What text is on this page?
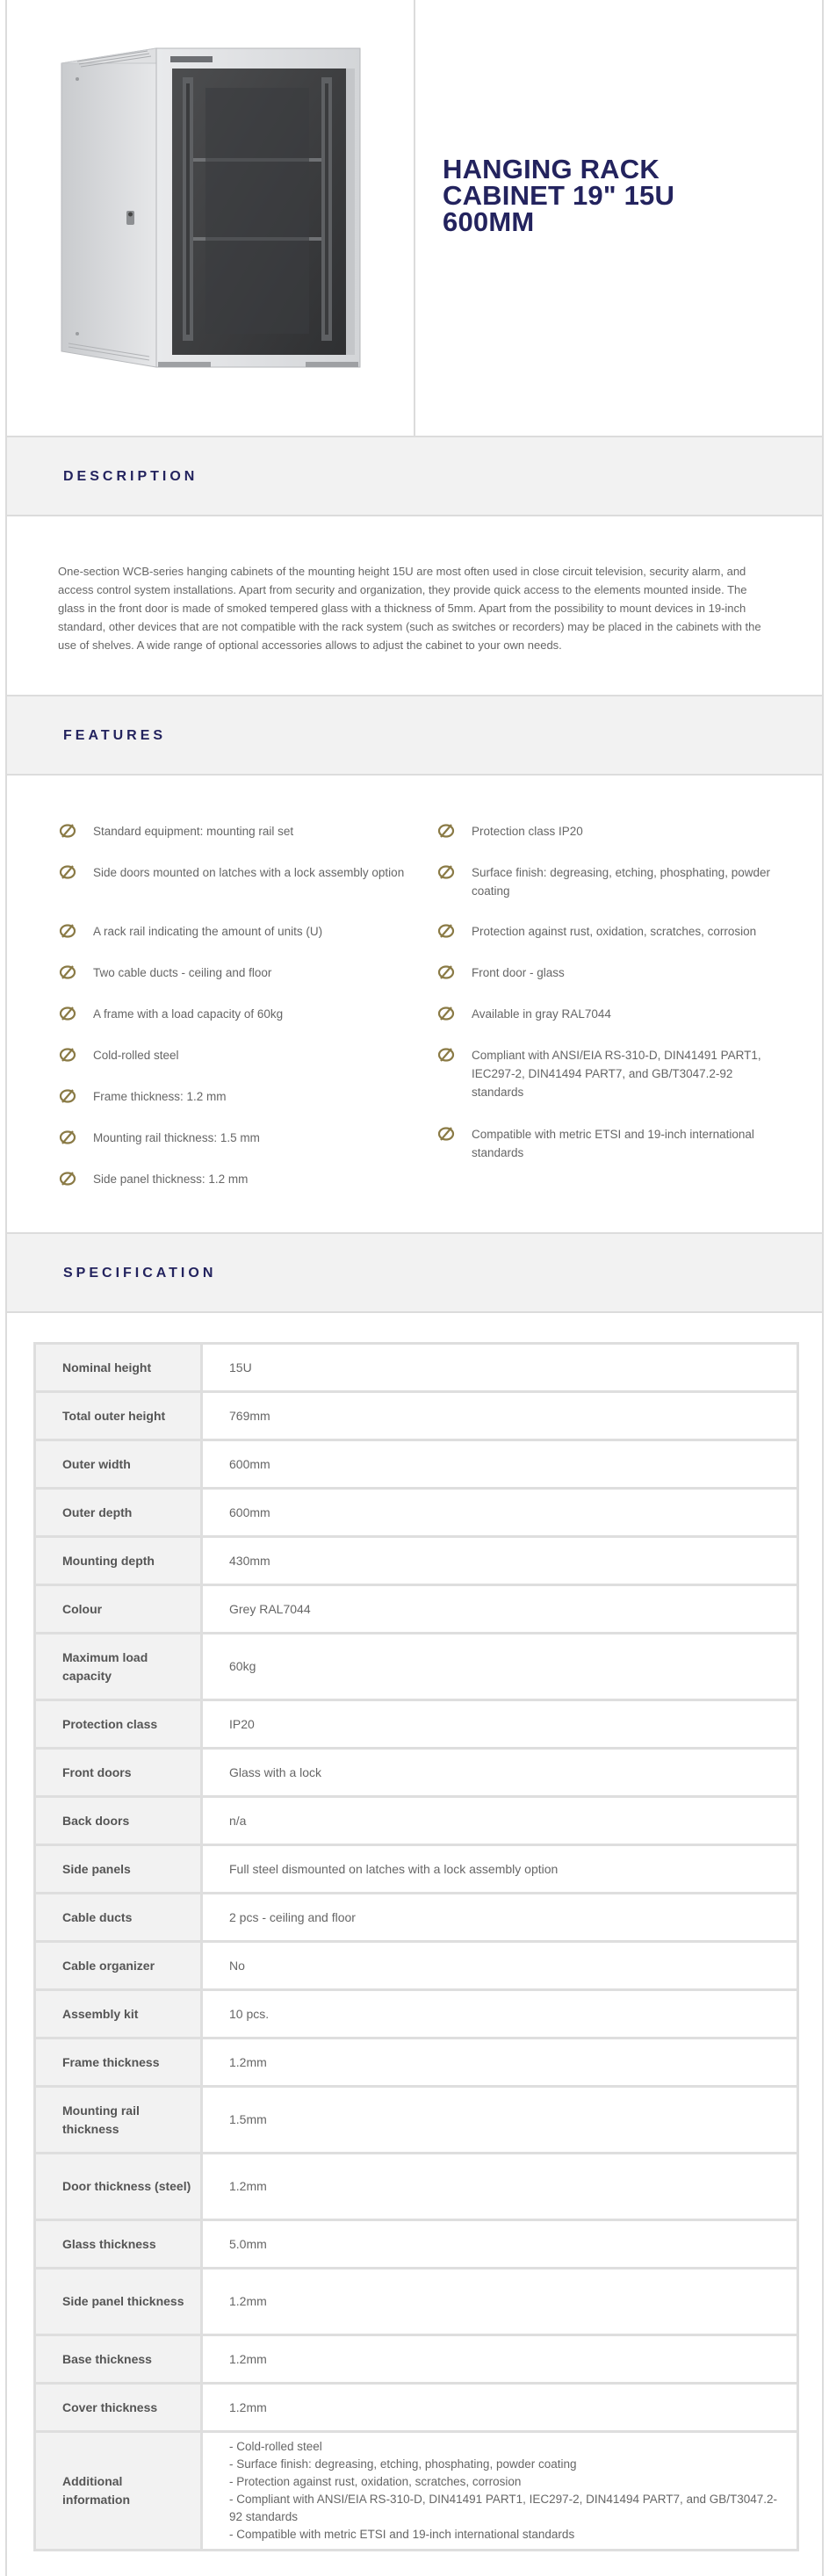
HANGING RACK CABINET 19" 15U 600MM
DESCRIPTION
One-section WCB-series hanging cabinets of the mounting height 15U are most often used in close circuit television, security alarm, and access control system installations. Apart from security and organization, they provide quick access to the elements mounted inside. The glass in the front door is made of smoked tempered glass with a thickness of 5mm. Apart from the possibility to mount devices in 19-inch standard, other devices that are not compatible with the rack system (such as switches or recorders) may be placed in the cabinets with the use of shelves. A wide range of optional accessories allows to adjust the cabinet to your own needs.
FEATURES
Standard equipment: mounting rail set
Side doors mounted on latches with a lock assembly option
A rack rail indicating the amount of units (U)
Two cable ducts - ceiling and floor
A frame with a load capacity of 60kg
Cold-rolled steel
Frame thickness: 1.2 mm
Mounting rail thickness: 1.5 mm
Side panel thickness: 1.2 mm
Protection class IP20
Surface finish: degreasing, etching, phosphating, powder coating
Protection against rust, oxidation, scratches, corrosion
Front door - glass
Available in gray RAL7044
Compliant with ANSI/EIA RS-310-D, DIN41491 PART1, IEC297-2, DIN41494 PART7, and GB/T3047.2-92 standards
Compatible with metric ETSI and 19-inch international standards
SPECIFICATION
Nominal height	15U
Total outer height	769mm
Outer width	600mm
Outer depth	600mm
Mounting depth	430mm
Colour	Grey RAL7044
Maximum load capacity	60kg
Protection class	IP20
Front doors	Glass with a lock
Back doors	n/a
Side panels	Full steel dismounted on latches with a lock assembly option
Cable ducts	2 pcs - ceiling and floor
Cable organizer	No
Assembly kit	10 pcs.
Frame thickness	1.2mm
Mounting rail thickness	1.5mm
Door thickness (steel)	1.2mm
Glass thickness	5.0mm
Side panel thickness	1.2mm
Base thickness	1.2mm
Cover thickness	1.2mm
Additional information	- Cold-rolled steel
- Surface finish: degreasing, etching, phosphating, powder coating
- Protection against rust, oxidation, scratches, corrosion
- Compliant with ANSI/EIA RS-310-D, DIN41491 PART1, IEC297-2, DIN41494 PART7, and GB/T3047.2-92 standards
- Compatible with metric ETSI and 19-inch international standards
